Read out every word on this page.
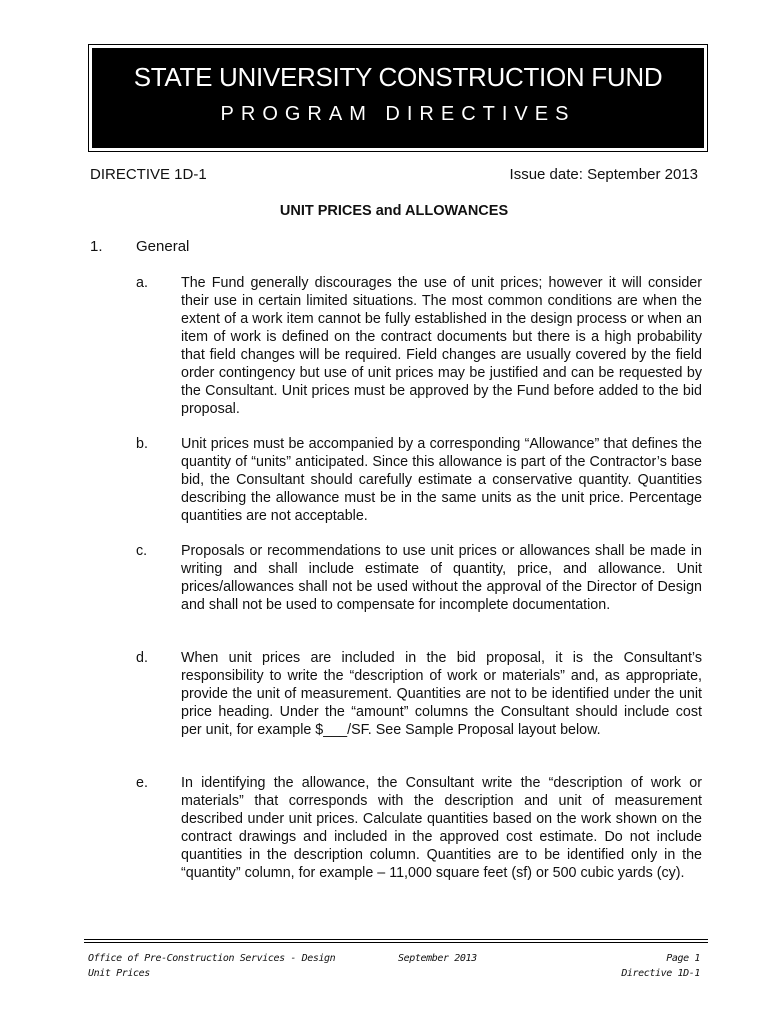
STATE UNIVERSITY CONSTRUCTION FUND
PROGRAM DIRECTIVES
DIRECTIVE 1D-1	Issue date: September 2013
UNIT PRICES and ALLOWANCES
1. General
a. The Fund generally discourages the use of unit prices; however it will consider their use in certain limited situations. The most common conditions are when the extent of a work item cannot be fully established in the design process or when an item of work is defined on the contract documents but there is a high probability that field changes will be required. Field changes are usually covered by the field order contingency but use of unit prices may be justified and can be requested by the Consultant. Unit prices must be approved by the Fund before added to the bid proposal.
b. Unit prices must be accompanied by a corresponding “Allowance” that defines the quantity of “units” anticipated. Since this allowance is part of the Contractor’s base bid, the Consultant should carefully estimate a conservative quantity. Quantities describing the allowance must be in the same units as the unit price. Percentage quantities are not acceptable.
c. Proposals or recommendations to use unit prices or allowances shall be made in writing and shall include estimate of quantity, price, and allowance. Unit prices/allowances shall not be used without the approval of the Director of Design and shall not be used to compensate for incomplete documentation.
d. When unit prices are included in the bid proposal, it is the Consultant’s responsibility to write the “description of work or materials” and, as appropriate, provide the unit of measurement. Quantities are not to be identified under the unit price heading. Under the “amount” columns the Consultant should include cost per unit, for example $___/SF. See Sample Proposal layout below.
e. In identifying the allowance, the Consultant write the “description of work or materials” that corresponds with the description and unit of measurement described under unit prices. Calculate quantities based on the work shown on the contract drawings and included in the approved cost estimate. Do not include quantities in the description column. Quantities are to be identified only in the “quantity” column, for example – 11,000 square feet (sf) or 500 cubic yards (cy).
Office of Pre-Construction Services - Design
Unit Prices
September 2013	Page 1
Directive 1D-1
